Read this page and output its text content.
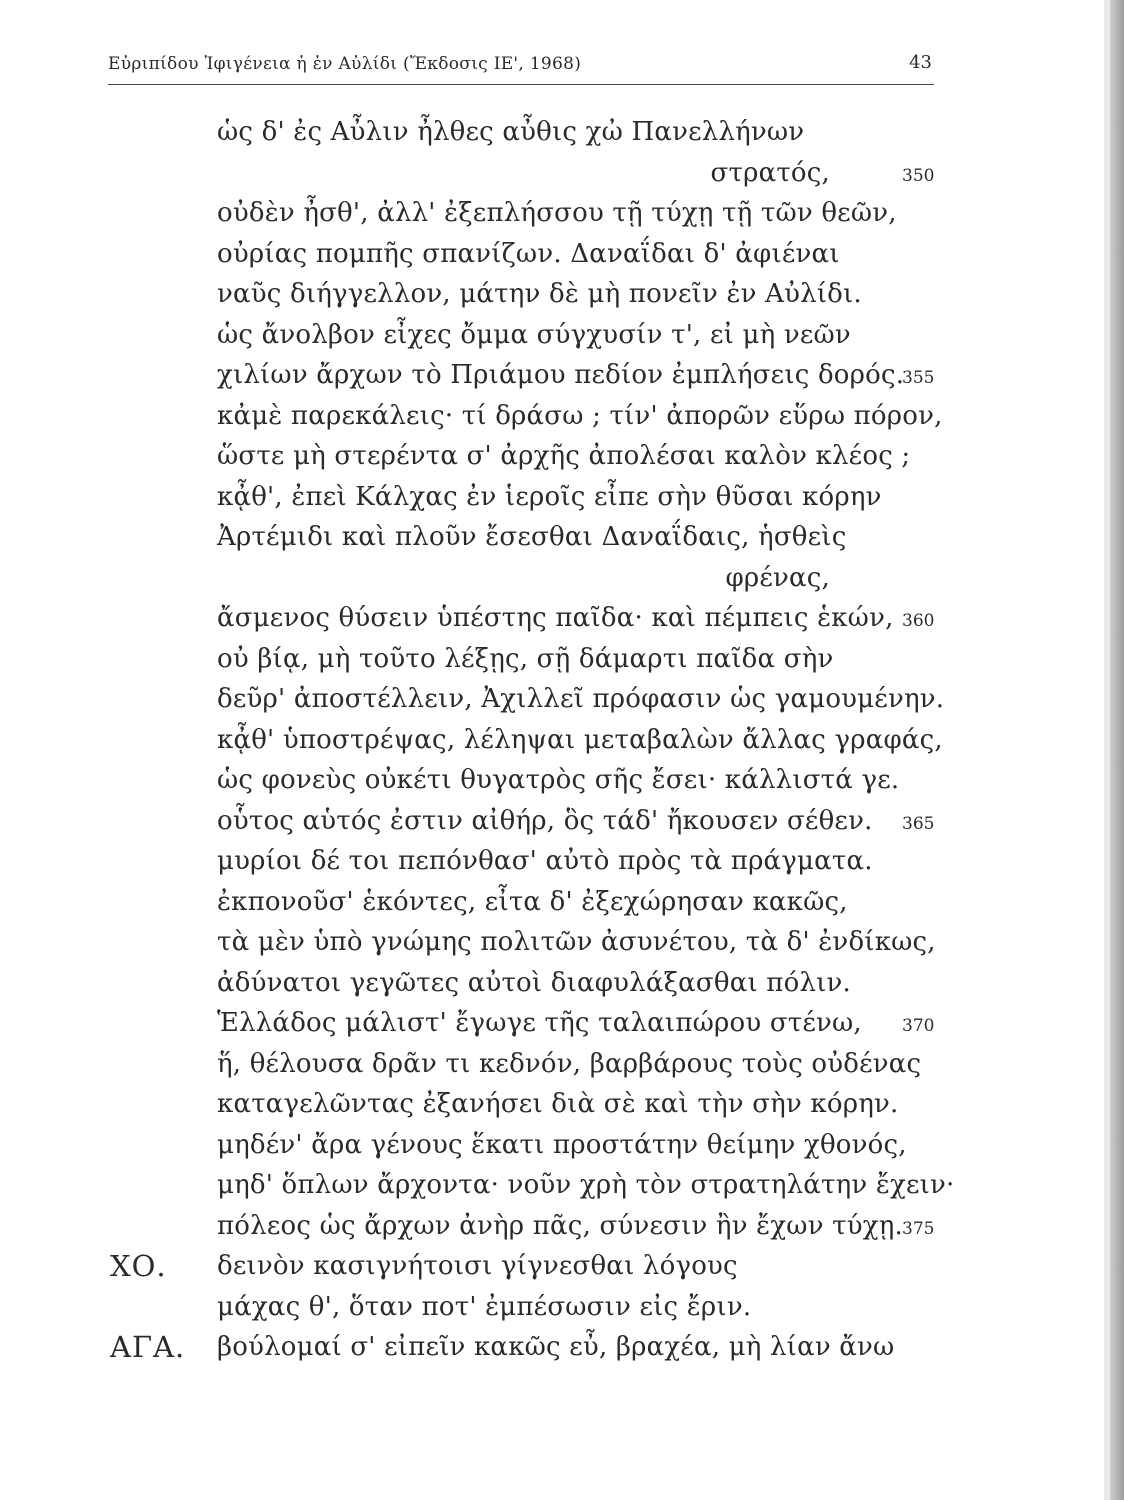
Εὐριπίδου Ἰφιγένεια ἡ ἐν Αὐλίδι (Ἔκδοσις ΙΕ', 1968)	43
ὡς δ' ἐς Αὖλιν ἦλθες αὖθις χὠ Πανελλήνων
στρατός,	350
οὐδὲν ἦσθ', ἀλλ' ἐξεπλήσσου τῇ τύχῃ τῇ τῶν θεῶν,
οὐρίας πομπῆς σπανίζων. Δαναΐδαι δ' ἀφιέναι
ναῦς διήγγελλον, μάτην δὲ μὴ πονεῖν ἐν Αὐλίδι.
ὡς ἄνολβον εἶχες ὄμμα σύγχυσίν τ', εἰ μὴ νεῶν
χιλίων ἄρχων τὸ Πριάμου πεδίον ἐμπλήσεις δορός.
355
κἀμὲ παρεκάλεις· τί δράσω ; τίν' ἀπορῶν εὕρω πόρον,
ὥστε μὴ στερέντα σ' ἀρχῆς ἀπολέσαι καλὸν κλέος ;
κᾆθ', ἐπεὶ Κάλχας ἐν ἱεροῖς εἶπε σὴν θῦσαι κόρην
Ἀρτέμιδι καὶ πλοῦν ἔσεσθαι Δαναΐδαις, ἡσθεὶς
φρένας,
ἄσμενος θύσειν ὑπέστης παῖδα· καὶ πέμπεις ἑκών, 360
οὐ βίᾳ, μὴ τοῦτο λέξῃς, σῇ δάμαρτι παῖδα σὴν
δεῦρ' ἀποστέλλειν, Ἀχιλλεῖ πρόφασιν ὡς γαμουμένην.
κᾆθ' ὑποστρέψας, λέληψαι μεταβαλὼν ἄλλας γραφάς,
ὡς φονεὺς οὐκέτι θυγατρὸς σῆς ἔσει· κάλλιστά γε.
οὗτος αὑτός ἐστιν αἰθήρ, ὃς τάδ' ἤκουσεν σέθεν. 365
μυρίοι δέ τοι πεπόνθασ' αὐτὸ πρὸς τὰ πράγματα.
ἐκπονοῦσ' ἑκόντες, εἶτα δ' ἐξεχώρησαν κακῶς,
τὰ μὲν ὑπὸ γνώμης πολιτῶν ἀσυνέτου, τὰ δ' ἐνδίκως,
ἀδύνατοι γεγῶτες αὐτοὶ διαφυλάξασθαι πόλιν.
Ἑλλάδος μάλιστ' ἔγωγε τῆς ταλαιπώρου στένω, 370
ἥ, θέλουσα δρᾶν τι κεδνόν, βαρβάρους τοὺς οὐδένας
καταγελῶντας ἐξανήσει διὰ σὲ καὶ τὴν σὴν κόρην.
μηδέν' ἄρα γένους ἕκατι προστάτην θείμην χθονός,
μηδ' ὅπλων ἄρχοντα· νοῦν χρὴ τὸν στρατηλάτην ἔχειν·
πόλεος ὡς ἄρχων ἀνὴρ πᾶς, σύνεσιν ἢν ἔχων τύχῃ. 375
ΧΟ. δεινὸν κασιγνήτοισι γίγνεσθαι λόγους
μάχας θ', ὅταν ποτ' ἐμπέσωσιν εἰς ἔριν.
ΑΓΑ. βούλομαί σ' εἰπεῖν κακῶς εὖ, βραχέα, μὴ λίαν ἄνω
